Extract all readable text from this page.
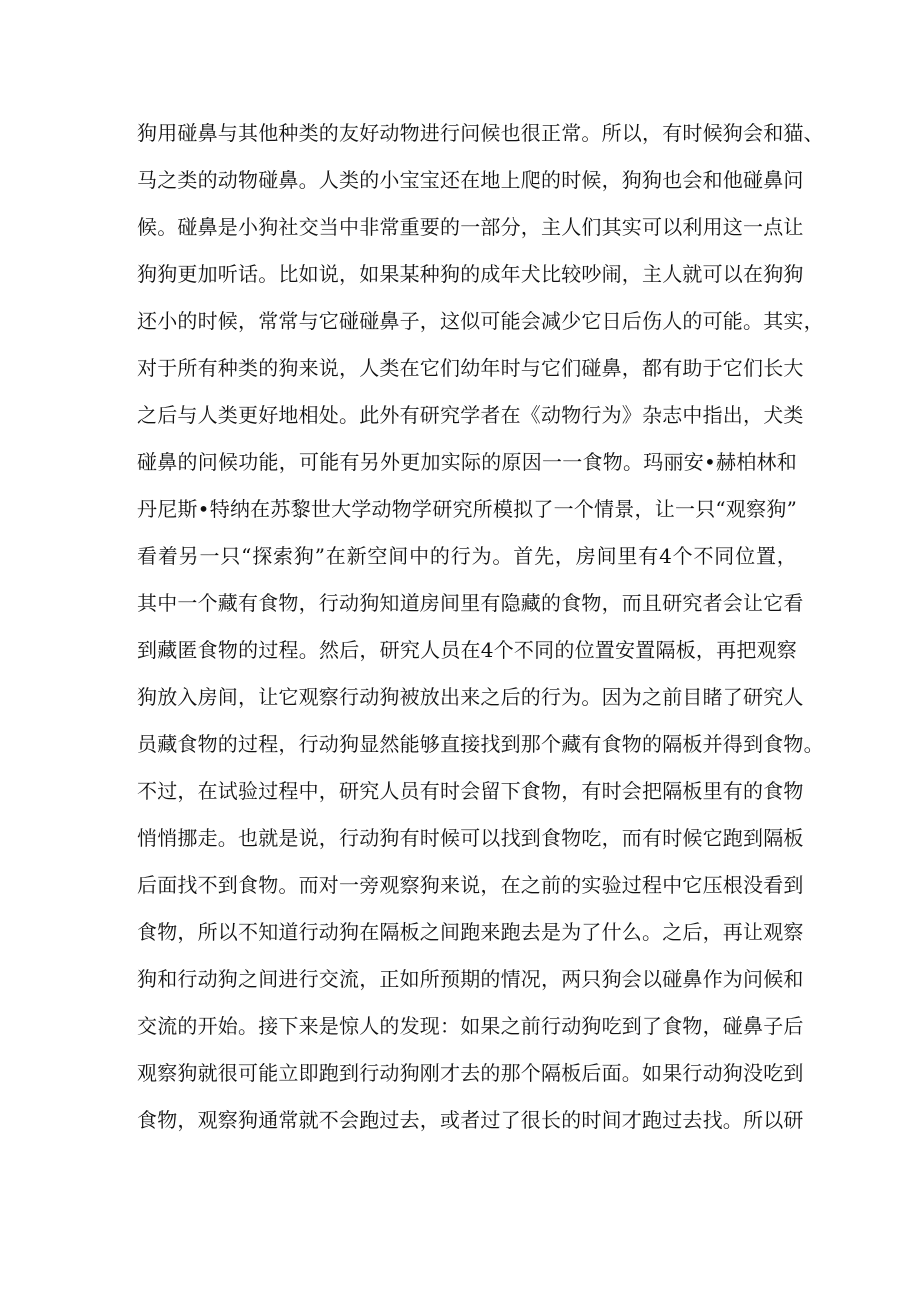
狗用碰鼻与其他种类的友好动物进行问候也很正常。所以，有时候狗会和猫、
马之类的动物碰鼻。人类的小宝宝还在地上爬的时候，狗狗也会和他碰鼻问
候。碰鼻是小狗社交当中非常重要的一部分，主人们其实可以利用这一点让
狗狗更加听话。比如说，如果某种狗的成年犬比较吵闹，主人就可以在狗狗
还小的时候，常常与它碰碰鼻子，这似可能会减少它日后伤人的可能。其实，
对于所有种类的狗来说，人类在它们幼年时与它们碰鼻，都有助于它们长大
之后与人类更好地相处。此外有研究学者在《动物行为》杂志中指出，犬类
碰鼻的问候功能，可能有另外更加实际的原因一一食物。玛丽安•赫柏林和
丹尼斯•特纳在苏黎世大学动物学研究所模拟了一个情景，让一只“观察狗”
看着另一只“探索狗”在新空间中的行为。首先，房间里有4个不同位置，
其中一个藏有食物，行动狗知道房间里有隐藏的食物，而且研究者会让它看
到藏匿食物的过程。然后，研究人员在4个不同的位置安置隔板，再把观察
狗放入房间，让它观察行动狗被放出来之后的行为。因为之前目睹了研究人
员藏食物的过程，行动狗显然能够直接找到那个藏有食物的隔板并得到食物。
不过，在试验过程中，研究人员有时会留下食物，有时会把隔板里有的食物
悄悄挪走。也就是说，行动狗有时候可以找到食物吃，而有时候它跑到隔板
后面找不到食物。而对一旁观察狗来说，在之前的实验过程中它压根没看到
食物，所以不知道行动狗在隔板之间跑来跑去是为了什么。之后，再让观察
狗和行动狗之间进行交流，正如所预期的情况，两只狗会以碰鼻作为问候和
交流的开始。接下来是惊人的发现：如果之前行动狗吃到了食物，碰鼻子后
观察狗就很可能立即跑到行动狗刚才去的那个隔板后面。如果行动狗没吃到
食物，观察狗通常就不会跑过去，或者过了很长的时间才跑过去找。所以研
